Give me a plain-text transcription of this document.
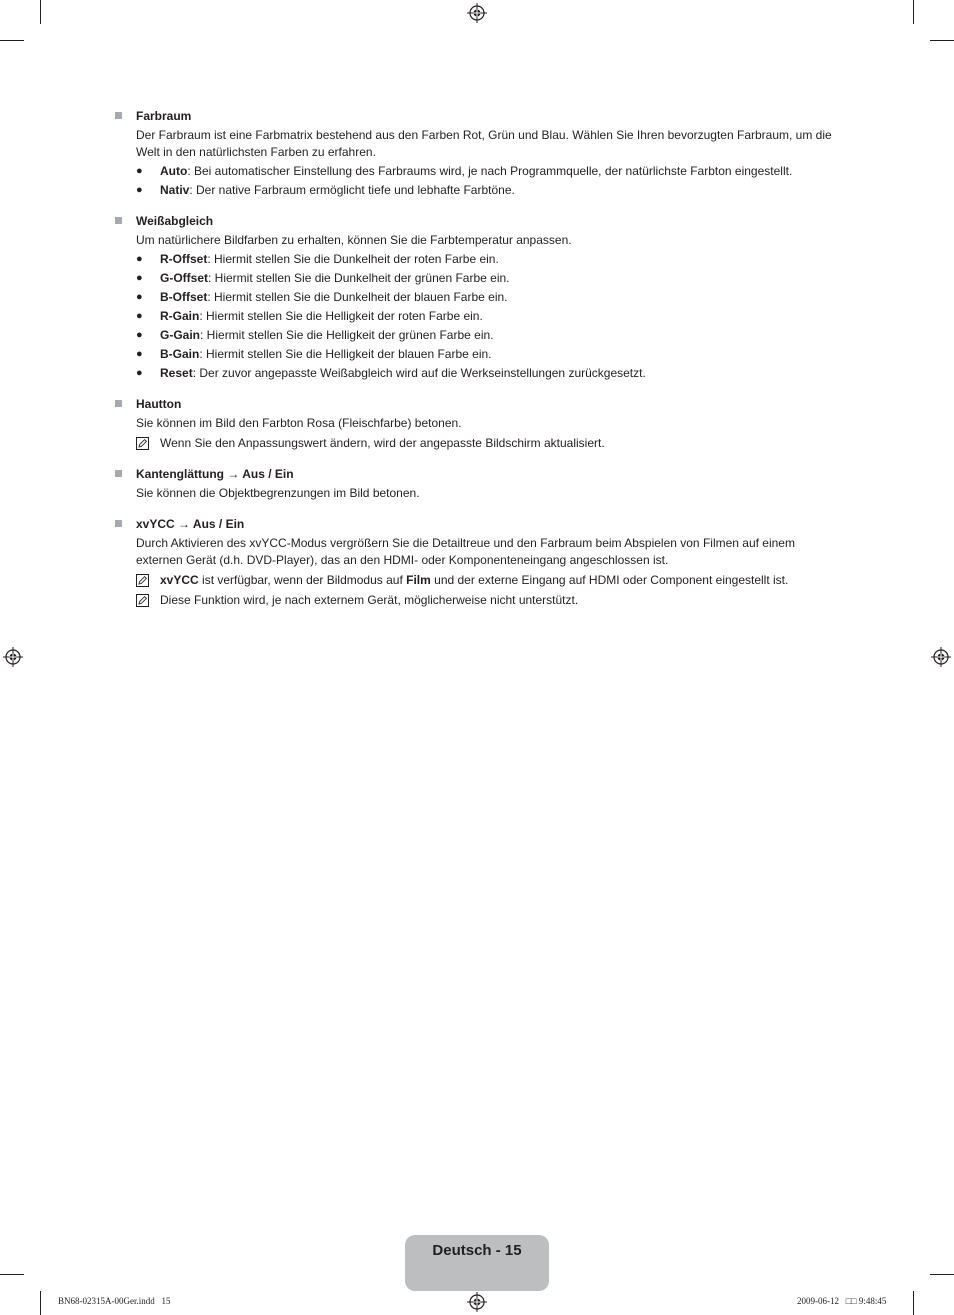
Farbraum
Der Farbraum ist eine Farbmatrix bestehend aus den Farben Rot, Grün und Blau. Wählen Sie Ihren bevorzugten Farbraum, um die Welt in den natürlichsten Farben zu erfahren.
●	Auto: Bei automatischer Einstellung des Farbraums wird, je nach Programmquelle, der natürlichste Farbton eingestellt.
●	Nativ: Der native Farbraum ermöglicht tiefe und lebhafte Farbtöne.
Weißabgleich
Um natürlichere Bildfarben zu erhalten, können Sie die Farbtemperatur anpassen.
●	R-Offset: Hiermit stellen Sie die Dunkelheit der roten Farbe ein.
●	G-Offset: Hiermit stellen Sie die Dunkelheit der grünen Farbe ein.
●	B-Offset: Hiermit stellen Sie die Dunkelheit der blauen Farbe ein.
●	R-Gain: Hiermit stellen Sie die Helligkeit der roten Farbe ein.
●	G-Gain: Hiermit stellen Sie die Helligkeit der grünen Farbe ein.
●	B-Gain: Hiermit stellen Sie die Helligkeit der blauen Farbe ein.
●	Reset: Der zuvor angepasste Weißabgleich wird auf die Werkseinstellungen zurückgesetzt.
Hautton
Sie können im Bild den Farbton Rosa (Fleischfarbe) betonen.
Wenn Sie den Anpassungswert ändern, wird der angepasste Bildschirm aktualisiert.
Kantenglättung → Aus / Ein
Sie können die Objektbegrenzungen im Bild betonen.
xvYCC → Aus / Ein
Durch Aktivieren des xvYCC-Modus vergrößern Sie die Detailtreue und den Farbraum beim Abspielen von Filmen auf einem externen Gerät (d.h. DVD-Player), das an den HDMI- oder Komponenteneingang angeschlossen ist.
xvYCC ist verfügbar, wenn der Bildmodus auf Film und der externe Eingang auf HDMI oder Component eingestellt ist.
Diese Funktion wird, je nach externem Gerät, möglicherweise nicht unterstützt.
Deutsch - 15
BN68-02315A-00Ger.indd   15	2009-06-12   □□ 9:48:45
